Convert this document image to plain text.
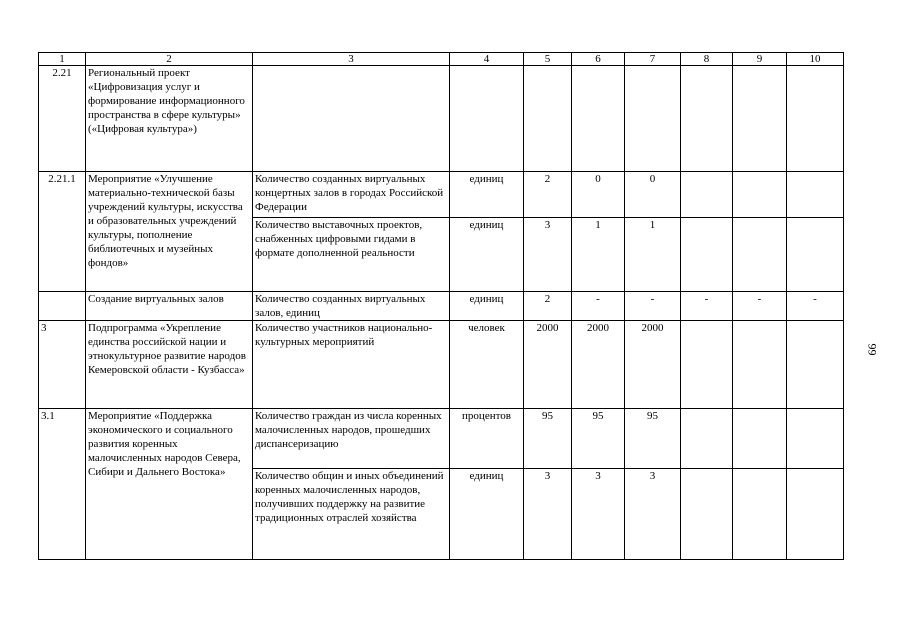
1	2	3	4	5	6	7	8	9	10
2.21	Региональный проект «Цифровизация услуг и формирование информационного пространства в сфере культуры» («Цифровая культура»)								
2.21.1	Мероприятие «Улучшение материально-технической базы учреждений культуры, искусства и образовательных учреждений культуры, пополнение библиотечных и музейных фондов»	Количество созданных виртуальных концертных залов в городах Российской Федерации	единиц	2	0	0			
		Количество выставочных проектов, снабженных цифровыми гидами в формате дополненной реальности	единиц	3	1	1			
	Создание виртуальных залов	Количество созданных виртуальных залов, единиц	единиц	2	-	-	-	-	-
3	Подпрограмма «Укрепление единства российской нации и этнокультурное развитие народов Кемеровской области - Кузбасса»	Количество участников национально-культурных мероприятий	человек	2000	2000	2000			
3.1	Мероприятие «Поддержка экономического и социального развития коренных малочисленных народов Севера, Сибири и Дальнего Востока»	Количество граждан из числа коренных малочисленных народов, прошедших диспансеризацию	процентов	95	95	95			
		Количество общин и иных объединений коренных малочисленных народов, получивших поддержку на развитие традиционных отраслей хозяйства	единиц	3	3	3			
99
